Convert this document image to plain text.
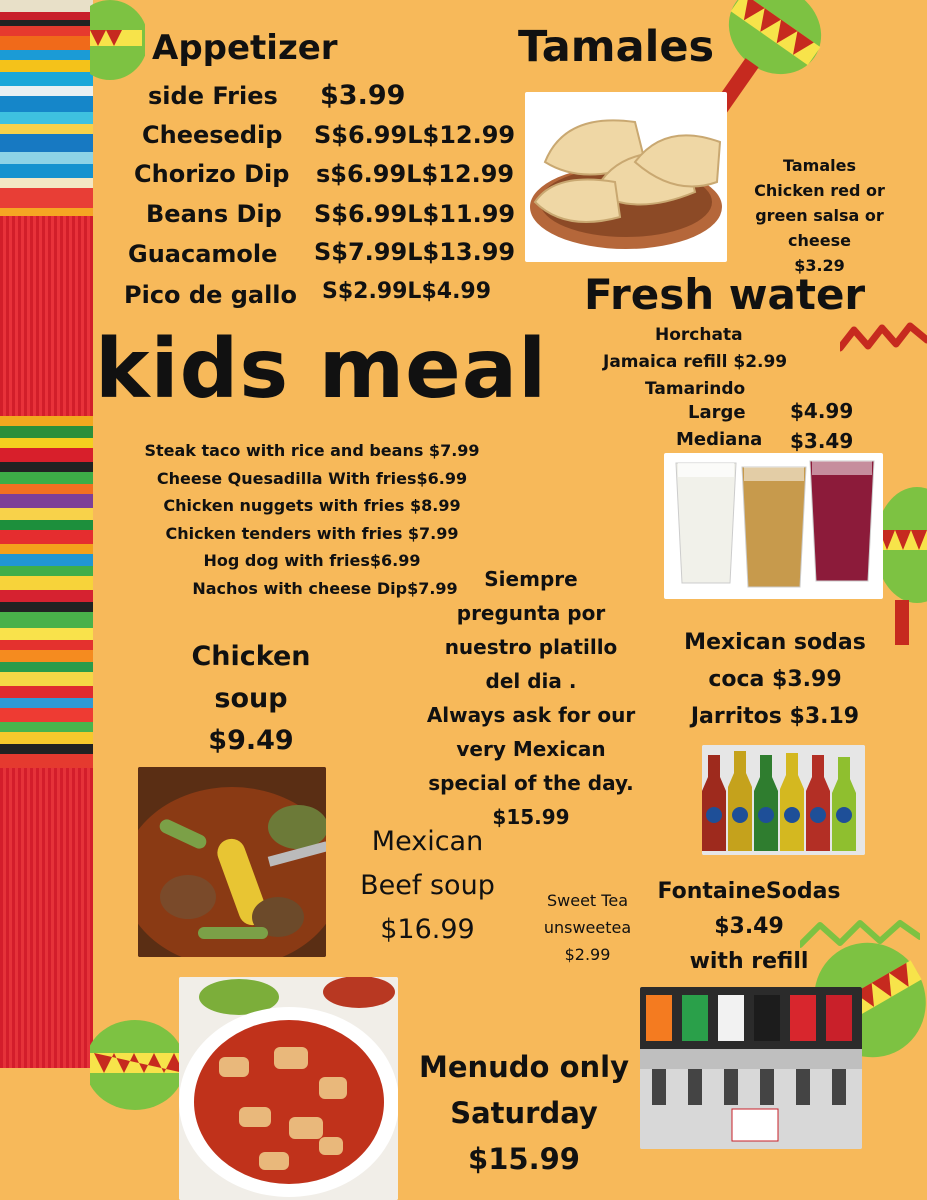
Appetizer
side Fries $3.99
Cheesedip S$6.99L$12.99
Chorizo Dip s$6.99L$12.99
Beans Dip S$6.99L$11.99
Guacamole S$7.99L$13.99
Pico de gallo S$2.99L$4.99
Tamales
Tamales
Chicken red or
green salsa or
cheese
$3.29
Fresh water
Horchata
Jamaica refill $2.99
Tamarindo
Large $4.99
Mediana $3.49
kids meal
Steak taco with rice and beans $7.99
Cheese Quesadilla With fries$6.99
Chicken nuggets with fries $8.99
Chicken tenders with fries $7.99
Hog dog with fries$6.99
Nachos with cheese Dip$7.99	Siempre
pregunta por
nuestro platillo
del dia .
Always ask for our
very Mexican
special of the day.
$15.99
Chicken
soup
$9.49
Mexican
Beef soup
$16.99
Sweet Tea
unsweetea
$2.99
Mexican sodas
coca $3.99
Jarritos $3.19
FontaineSodas
$3.49
with refill
Menudo only
Saturday
$15.99
